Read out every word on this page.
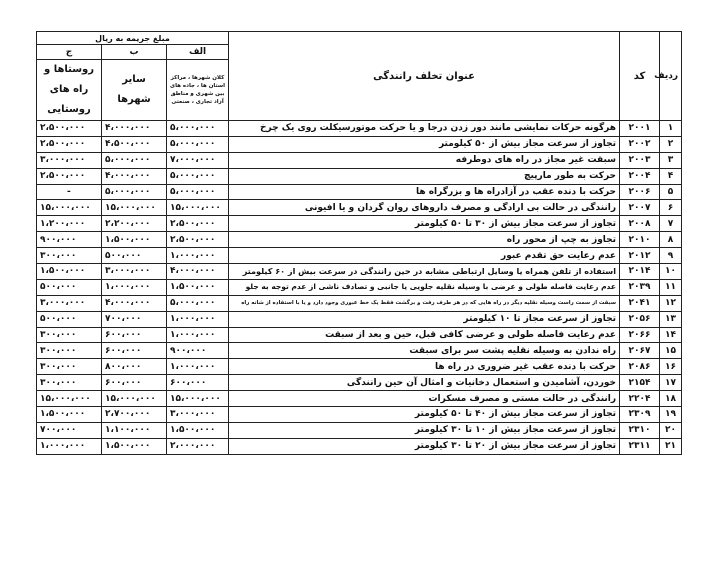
ردیف	کد	عنوان تخلف رانندگی	مبلغ جریمه به ریال		
			الف	ب	ج
			کلان شهرها ، مراکز استان ها ، جاده های بین شهری و مناطق آزاد تجاری ، صنعتی	سایر شهرها	روستاها و راه های روستایی
۱	۲۰۰۱	هرگونه حرکات نمایشی مانند دور زدن درجا و یا حرکت موتورسیکلت روی یک چرخ	۵،۰۰۰،۰۰۰	۴،۰۰۰،۰۰۰	۲،۵۰۰،۰۰۰
۲	۲۰۰۲	تجاوز از سرعت مجاز بیش از ۵۰ کیلومتر	۵،۰۰۰،۰۰۰	۴،۵۰۰،۰۰۰	۲،۵۰۰،۰۰۰
۳	۲۰۰۳	سبقت غیر مجاز در راه های دوطرفه	۷،۰۰۰،۰۰۰	۵،۰۰۰،۰۰۰	۳،۰۰۰،۰۰۰
۴	۲۰۰۴	حرکت به طور مارپیچ	۵،۰۰۰،۰۰۰	۴،۰۰۰،۰۰۰	۲،۵۰۰،۰۰۰
۵	۲۰۰۶	حرکت با دنده عقب در آزادراه ها و بزرگراه ها	۵،۰۰۰،۰۰۰	۵،۰۰۰،۰۰۰	-
۶	۲۰۰۷	رانندگی در حالت بی ارادگی و مصرف داروهای روان گردان و یا افیونی	۱۵،۰۰۰،۰۰۰	۱۵،۰۰۰،۰۰۰	۱۵،۰۰۰،۰۰۰
۷	۲۰۰۸	تجاوز از سرعت مجاز بیش از ۳۰ تا ۵۰ کیلومتر	۲،۵۰۰،۰۰۰	۲،۲۰۰،۰۰۰	۱،۲۰۰،۰۰۰
۸	۲۰۱۰	تجاوز به چپ از محور راه	۲،۵۰۰،۰۰۰	۱،۵۰۰،۰۰۰	۹۰۰،۰۰۰
۹	۲۰۱۲	عدم رعایت حق تقدم عبور	۱،۰۰۰،۰۰۰	۵۰۰،۰۰۰	۳۰۰،۰۰۰
۱۰	۲۰۱۴	استفاده از تلفن همراه یا وسایل ارتباطی مشابه در حین رانندگی در سرعت بیش از ۶۰ کیلومتر	۴،۰۰۰،۰۰۰	۳،۰۰۰،۰۰۰	۱،۵۰۰،۰۰۰
۱۱	۲۰۳۹	عدم رعایت فاصله طولی و عرضی با وسیله نقلیه جلویی یا جانبی و تصادف ناشی از عدم توجه به جلو	۱،۵۰۰،۰۰۰	۱،۰۰۰،۰۰۰	۵۰۰،۰۰۰
۱۲	۲۰۴۱	سبقت از سمت راست وسیله نقلیه دیگر در راه هایی که در هر طرف رفت و برگشت فقط یک خط عبوری وجود دارد و یا با استفاده از شانه راه	۵،۰۰۰،۰۰۰	۴،۰۰۰،۰۰۰	۳،۰۰۰،۰۰۰
۱۳	۲۰۵۶	تجاوز از سرعت مجاز تا ۱۰ کیلومتر	۱،۰۰۰،۰۰۰	۷۰۰،۰۰۰	۵۰۰،۰۰۰
۱۴	۲۰۶۶	عدم رعایت فاصله طولی و عرضی کافی قبل، حین و بعد از سبقت	۱،۰۰۰،۰۰۰	۶۰۰،۰۰۰	۳۰۰،۰۰۰
۱۵	۲۰۶۷	راه ندادن به وسیله نقلیه پشت سر برای سبقت	۹۰۰،۰۰۰	۶۰۰،۰۰۰	۳۰۰،۰۰۰
۱۶	۲۰۸۶	حرکت با دنده عقب غیر ضروری در راه ها	۱،۰۰۰،۰۰۰	۸۰۰،۰۰۰	۳۰۰،۰۰۰
۱۷	۲۱۵۴	خوردن، آشامیدن و استعمال دخانیات و امثال آن حین رانندگی	۶۰۰،۰۰۰	۶۰۰،۰۰۰	۳۰۰،۰۰۰
۱۸	۲۲۰۴	رانندگی در حالت مستی و مصرف مسکرات	۱۵،۰۰۰،۰۰۰	۱۵،۰۰۰،۰۰۰	۱۵،۰۰۰،۰۰۰
۱۹	۲۳۰۹	تجاوز از سرعت مجاز بیش از ۴۰ تا ۵۰ کیلومتر	۳،۰۰۰،۰۰۰	۲،۷۰۰،۰۰۰	۱،۵۰۰،۰۰۰
۲۰	۲۳۱۰	تجاوز از سرعت مجاز بیش از ۱۰ تا ۳۰ کیلومتر	۱،۵۰۰،۰۰۰	۱،۱۰۰،۰۰۰	۷۰۰،۰۰۰
۲۱	۲۳۱۱	تجاوز از سرعت مجاز بیش از ۲۰ تا ۳۰ کیلومتر	۲،۰۰۰،۰۰۰	۱،۵۰۰،۰۰۰	۱،۰۰۰،۰۰۰
